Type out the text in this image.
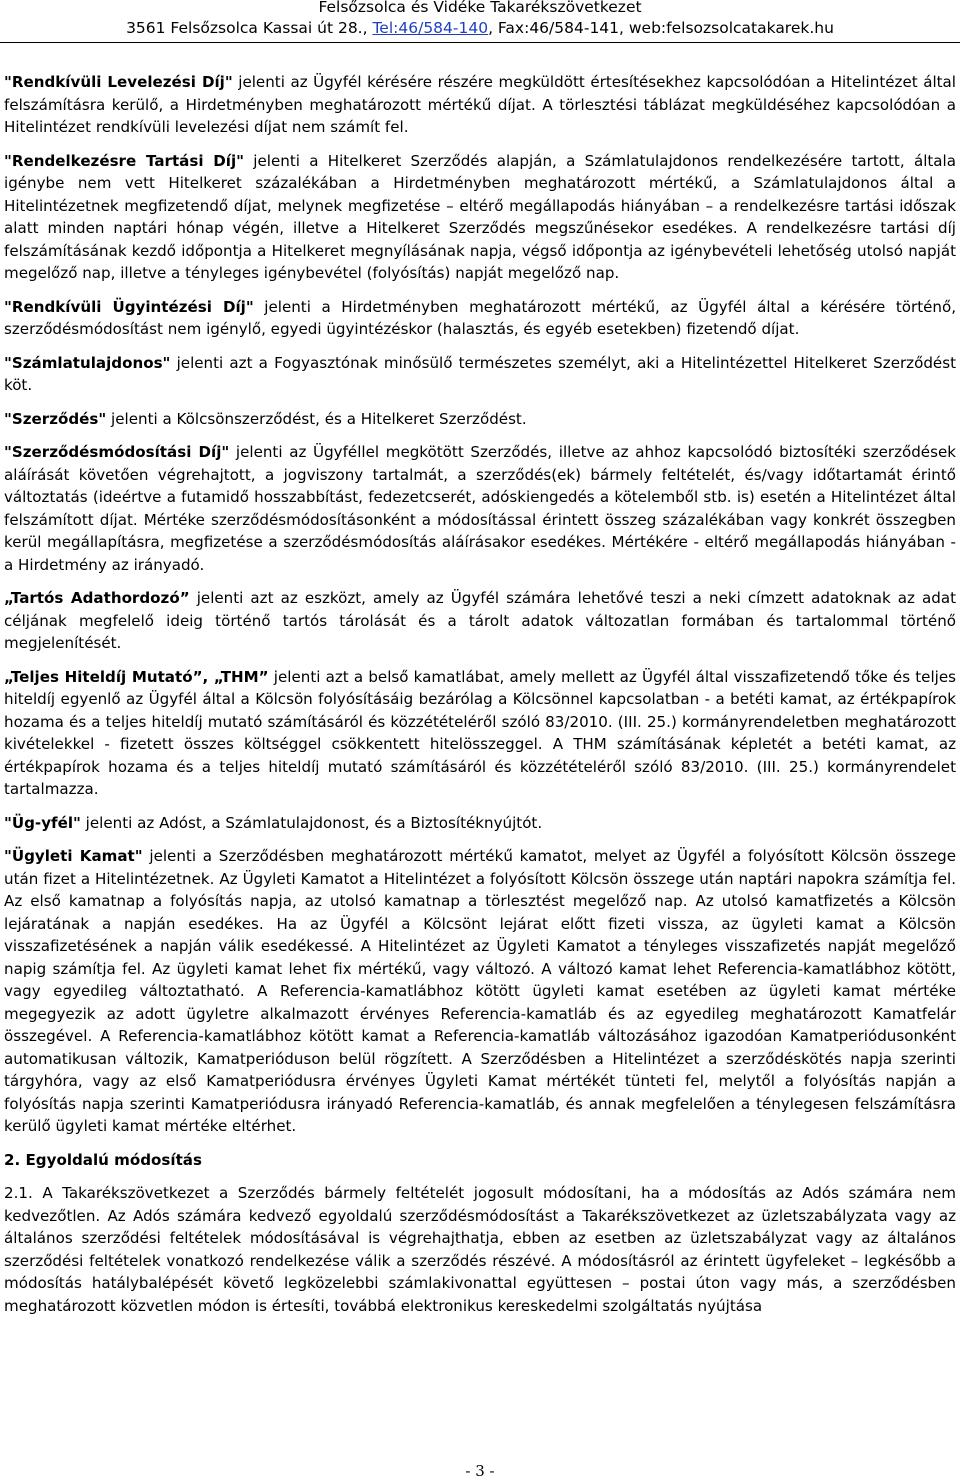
Felsőzsolca és Vidéke Takarékszövetkezet
3561 Felsőzsolca Kassai út 28., Tel:46/584-140, Fax:46/584-141, web:felsozsolcatakarek.hu

"Rendkívüli Levelezési Díj" jelenti az Ügyfél kérésére részére megküldött értesítésekhez kapcsolódóan a Hitelintézet által felszámításra kerülő, a Hirdetményben meghatározott mértékű díjat. A törlesztési táblázat megküldéséhez kapcsolódóan a Hitelintézet rendkívüli levelezési díjat nem számít fel.

"Rendelkezésre Tartási Díj" jelenti a Hitelkeret Szerződés alapján, a Számlatulajdonos rendelkezésére tartott, általa igénybe nem vett Hitelkeret százalékában a Hirdetményben meghatározott mértékű, a Számlatulajdonos által a Hitelintézetnek megfizetendő díjat, melynek megfizetése – eltérő megállapodás hiányában – a rendelkezésre tartási időszak alatt minden naptári hónap végén, illetve a Hitelkeret Szerződés megszűnésekor esedékes. A rendelkezésre tartási díj felszámításának kezdő időpontja a Hitelkeret megnyílásának napja, végső időpontja az igénybevételi lehetőség utolsó napját megelőző nap, illetve a tényleges igénybevétel (folyósítás) napját megelőző nap.

"Rendkívüli Ügyintézési Díj" jelenti a Hirdetményben meghatározott mértékű, az Ügyfél által a kérésére történő, szerződésmódosítást nem igénylő, egyedi ügyintézéskor (halasztás, és egyéb esetekben) fizetendő díjat.

"Számlatulajdonos" jelenti azt a Fogyasztónak minősülő természetes személyt, aki a Hitelintézettel Hitelkeret Szerződést köt.

"Szerződés" jelenti a Kölcsönszerződést, és a Hitelkeret Szerződést.

"Szerződésmódosítási Díj" jelenti az Ügyféllel megkötött Szerződés, illetve az ahhoz kapcsolódó biztosítéki szerződések aláírását követően végrehajtott, a jogviszony tartalmát, a szerződés(ek) bármely feltételét, és/vagy időtartamát érintő változtatás (ideértve a futamidő hosszabbítást, fedezetcserét, adóskiengedés a kötelemből stb. is) esetén a Hitelintézet által felszámított díjat. Mértéke szerződésmódosításonként a módosítással érintett összeg százalékában vagy konkrét összegben kerül megállapításra, megfizetése a szerződésmódosítás aláírásakor esedékes. Mértékére - eltérő megállapodás hiányában - a Hirdetmény az irányadó.

„Tartós Adathordozó” jelenti azt az eszközt, amely az Ügyfél számára lehetővé teszi a neki címzett adatoknak az adat céljának megfelelő ideig történő tartós tárolását és a tárolt adatok változatlan formában és tartalommal történő megjelenítését.

„Teljes Hiteldíj Mutató”, „THM” jelenti azt a belső kamatlábat, amely mellett az Ügyfél által visszafizetendő tőke és teljes hiteldíj egyenlő az Ügyfél által a Kölcsön folyósításáig bezárólag a Kölcsönnel kapcsolatban - a betéti kamat, az értékpapírok hozama és a teljes hiteldíj mutató számításáról és közzétételéről szóló 83/2010. (III. 25.) kormányrendeletben meghatározott kivételekkel - fizetett összes költséggel csökkentett hitelösszeggel. A THM számításának képletét a betéti kamat, az értékpapírok hozama és a teljes hiteldíj mutató számításáról és közzétételéről szóló 83/2010. (III. 25.) kormányrendelet tartalmazza.

"Üg-yfél" jelenti az Adóst, a Számlatulajdonost, és a Biztosítéknyújtót.

"Ügyleti Kamat" jelenti a Szerződésben meghatározott mértékű kamatot, melyet az Ügyfél a folyósított Kölcsön összege után fizet a Hitelintézetnek. Az Ügyleti Kamatot a Hitelintézet a folyósított Kölcsön összege után naptári napokra számítja fel. Az első kamatnap a folyósítás napja, az utolsó kamatnap a törlesztést megelőző nap. Az utolsó kamatfizetés a Kölcsön lejáratának a napján esedékes. Ha az Ügyfél a Kölcsönt lejárat előtt fizeti vissza, az ügyleti kamat a Kölcsön visszafizetésének a napján válik esedékessé. A Hitelintézet az Ügyleti Kamatot a tényleges visszafizetés napját megelőző napig számítja fel. Az ügyleti kamat lehet fix mértékű, vagy változó. A változó kamat lehet Referencia-kamatlábhoz kötött, vagy egyedileg változtatható. A Referencia-kamatlábhoz kötött ügyleti kamat esetében az ügyleti kamat mértéke megegyezik az adott ügyletre alkalmazott érvényes Referencia-kamatláb és az egyedileg meghatározott Kamatfelár összegével. A Referencia-kamatlábhoz kötött kamat a Referencia-kamatláb változásához igazodóan Kamatperiódusonként automatikusan változik, Kamatperióduson belül rögzített. A Szerződésben a Hitelintézet a szerződéskötés napja szerinti tárgyhóra, vagy az első Kamatperiódusra érvényes Ügyleti Kamat mértékét tünteti fel, melytől a folyósítás napján a folyósítás napja szerinti Kamatperiódusra irányadó Referencia-kamatláb, és annak megfelelően a ténylegesen felszámításra kerülő ügyleti kamat mértéke eltérhet.

2. Egyoldalú módosítás

2.1. A Takarékszövetkezet a Szerződés bármely feltételét jogosult módosítani, ha a módosítás az Adós számára nem kedvezőtlen. Az Adós számára kedvező egyoldalú szerződésmódosítást a Takarékszövetkezet az üzletszabályzata vagy az általános szerződési feltételek módosításával is végrehajthatja, ebben az esetben az üzletszabályzat vagy az általános szerződési feltételek vonatkozó rendelkezése válik a szerződés részévé. A módosításról az érintett ügyfeleket – legkésőbb a módosítás hatálybalépését követő legközelebbi számlakivonattal együttesen – postai úton vagy más, a szerződésben meghatározott közvetlen módon is értesíti, továbbá elektronikus kereskedelmi szolgáltatás nyújtása

- 3 -
